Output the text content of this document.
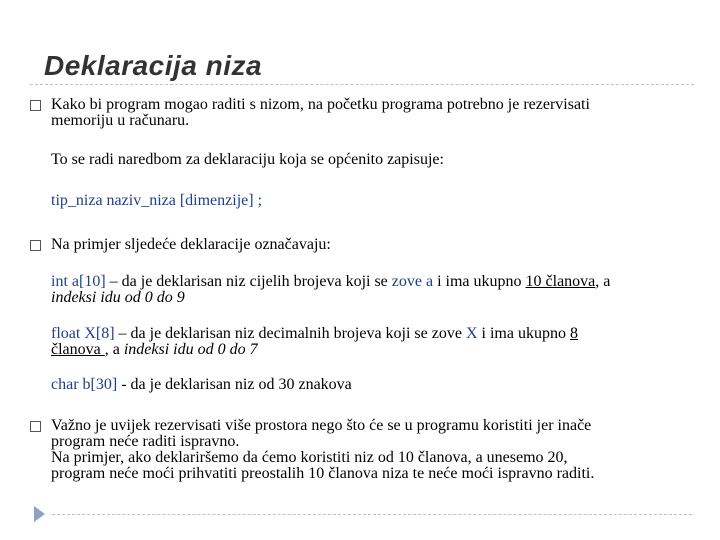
Deklaracija niza

Kako bi program mogao raditi s nizom, na početku programa potrebno je rezervisati
memoriju u računaru.

To se radi naredbom za deklaraciju koja se općenito zapisuje:

tip_niza naziv_niza [dimenzije] ;

Na primjer sljedeće deklaracije označavaju:

int a[10] – da je deklarisan niz cijelih brojeva koji se zove a i ima ukupno 10 članova, a
indeksi idu od 0 do 9

float X[8] – da je deklarisan niz decimalnih brojeva koji se zove X i ima ukupno 8
članova , a indeksi idu od 0 do 7

char b[30] - da je deklarisan niz od 30 znakova

Važno je uvijek rezervisati više prostora nego što će se u programu koristiti jer inače
program neće raditi ispravno.
Na primjer, ako deklariršemo da ćemo koristiti niz od 10 članova, a unesemo 20,
program neće moći prihvatiti preostalih 10 članova niza te neće moći ispravno raditi.
